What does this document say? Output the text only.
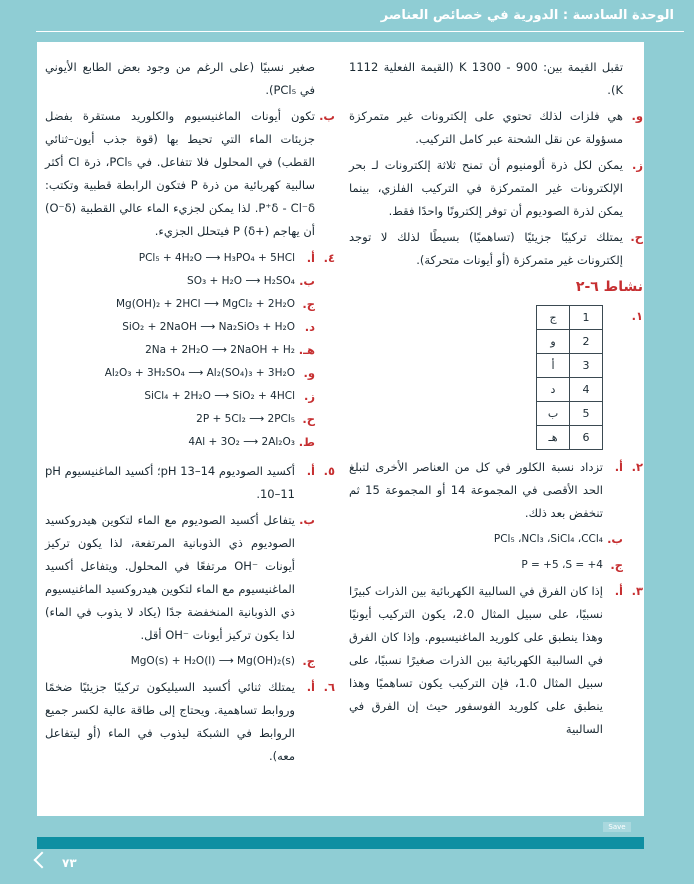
الوحدة السادسة : الدورية في خصائص العناصر
تقبل القيمة بين: 900 - 1300 K (القيمة الفعلية 1112 K).
و.
هي فلزات لذلك تحتوي على إلكترونات غير متمركزة مسؤولة عن نقل الشحنة عبر كامل التركيب.
ز.
يمكن لكل ذرة ألومنيوم أن تمنح ثلاثة إلكترونات لـ بحر الإلكترونات غير المتمركزة في التركيب الفلزي، بينما يمكن لذرة الصوديوم أن توفر إلكترونًا واحدًا فقط.
ح.
يمتلك تركيبًا جزيئيًا (تساهميًا) بسيطًا لذلك لا توجد إلكترونات غير متمركزة (أو أيونات متحركة).
نشاط ٦-٢
١.
1	ج
2	و
3	أ
4	د
5	ب
6	هـ
٢.
أ.
تزداد نسبة الكلور في كل من العناصر الأخرى لتبلغ الحد الأقصى في المجموعة 14 أو المجموعة 15 ثم تنخفض بعد ذلك.
ب.
PCl₅ ،NCl₃ ،SiCl₄ ،CCl₄
ج.
P = +5 ،S = +4
٣.
أ.
إذا كان الفرق في السالبية الكهربائية بين الذرات كبيرًا نسبيًا، على سبيل المثال 2.0، يكون التركيب أيونيًا وهذا ينطبق على كلوريد الماغنيسيوم. وإذا كان الفرق في السالبية الكهربائية بين الذرات صغيرًا نسبيًا، على سبيل المثال 1.0، فإن التركيب يكون تساهميًا وهذا ينطبق على كلوريد الفوسفور حيث إن الفرق في السالبية
صغير نسبيًا (على الرغم من وجود بعض الطابع الأيوني في PCl₅).
ب.
تكون أيونات الماغنيسيوم والكلوريد مستقرة بفضل جزيئات الماء التي تحيط بها (قوة جذب أيون–ثنائي القطب) في المحلول فلا تتفاعل. في PCl₅، ذرة Cl أكثر سالبية كهربائية من ذرة P فتكون الرابطة قطبية وتكتب: P⁺δ - Cl⁻δ. لذا يمكن لجزيء الماء عالي القطبية (O⁻δ) أن يهاجم (+δ) P فيتحلل الجزيء.
٤.
أ.
PCl₅ + 4H₂O ⟶ H₃PO₄ + 5HCl
ب.
SO₃ + H₂O ⟶ H₂SO₄
ج.
Mg(OH)₂ + 2HCl ⟶ MgCl₂ + 2H₂O
د.
SiO₂ + 2NaOH ⟶ Na₂SiO₃ + H₂O
هـ.
2Na + 2H₂O ⟶ 2NaOH + H₂
و.
Al₂O₃ + 3H₂SO₄ ⟶ Al₂(SO₄)₃ + 3H₂O
ز.
SiCl₄ + 2H₂O ⟶ SiO₂ + 4HCl
ح.
2P + 5Cl₂ ⟶ 2PCl₅
ط.
4Al + 3O₂ ⟶ 2Al₂O₃
٥.
أ.
أكسيد الصوديوم pH 13–14؛ أكسيد الماغنيسيوم pH 10–11.
ب.
يتفاعل أكسيد الصوديوم مع الماء لتكوين هيدروكسيد الصوديوم ذي الذوبانية المرتفعة، لذا يكون تركيز أيونات ⁻OH مرتفعًا في المحلول. ويتفاعل أكسيد الماغنيسيوم مع الماء لتكوين هيدروكسيد الماغنيسيوم ذي الذوبانية المنخفضة جدًا (يكاد لا يذوب في الماء) لذا يكون تركيز أيونات ⁻OH أقل.
ج.
MgO(s) + H₂O(l) ⟶ Mg(OH)₂(s)
٦.
أ.
يمتلك ثنائي أكسيد السيليكون تركيبًا جزيئيًا ضخمًا وروابط تساهمية. ويحتاج إلى طاقة عالية لكسر جميع الروابط في الشبكة ليذوب في الماء (أو ليتفاعل معه).
Save
٧٣
